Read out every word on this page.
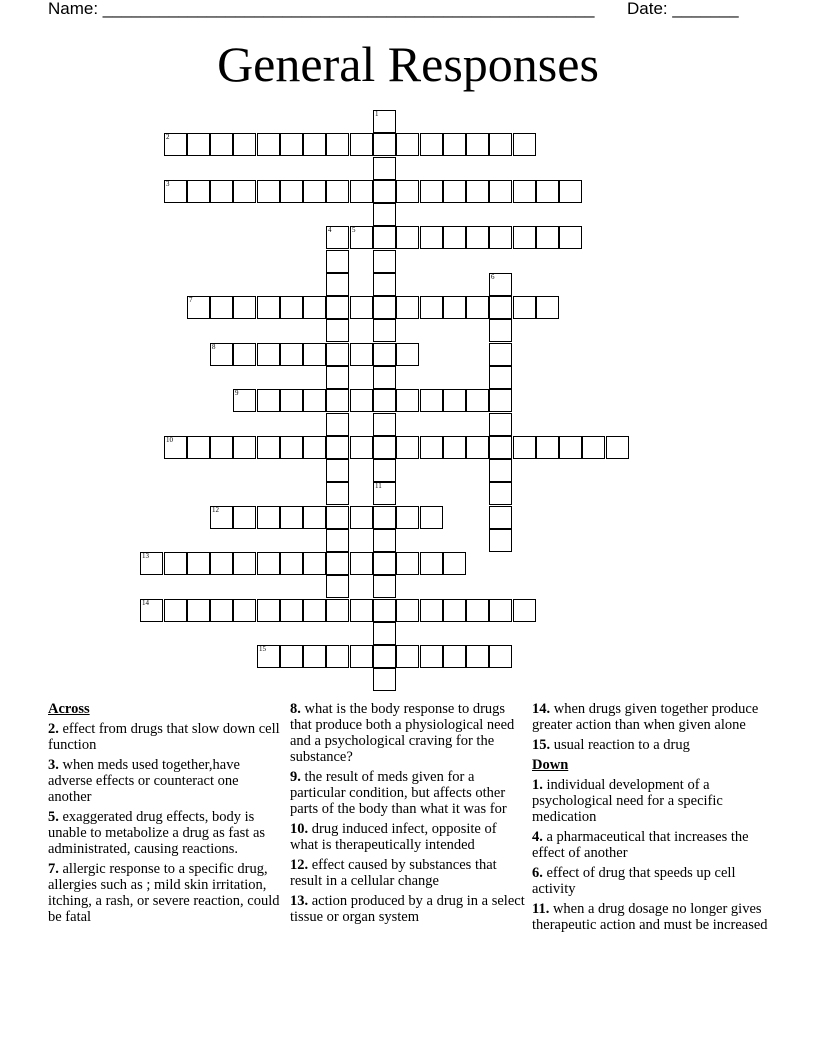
Name: ____________________________________________________ Date: _______
General Responses
1
11
2
3
4	5
6
7
8
9
10
12
13
14
15
Across
2. effect from drugs that slow down cell function
3. when meds used together,have adverse effects or counteract one another
5. exaggerated drug effects, body is unable to metabolize a drug as fast as administrated, causing reactions.
7. allergic response to a specific drug, allergies such as ; mild skin irritation, itching, a rash, or severe reaction, could be fatal
8. what is the body response to drugs that produce both a physiological need and a psychological craving for the substance?
9. the result of meds given for a particular condition, but affects other parts of the body than what it was for
10. drug induced infect, opposite of what is therapeutically intended
12. effect caused by substances that result in a cellular change
13. action produced by a drug in a select tissue or organ system
14. when drugs given together produce greater action than when given alone
15. usual reaction to a drug
Down
1. individual development of a psychological need for a specific medication
4. a pharmaceutical that increases the effect of another
6. effect of drug that speeds up cell activity
11. when a drug dosage no longer gives therapeutic action and must be increased
